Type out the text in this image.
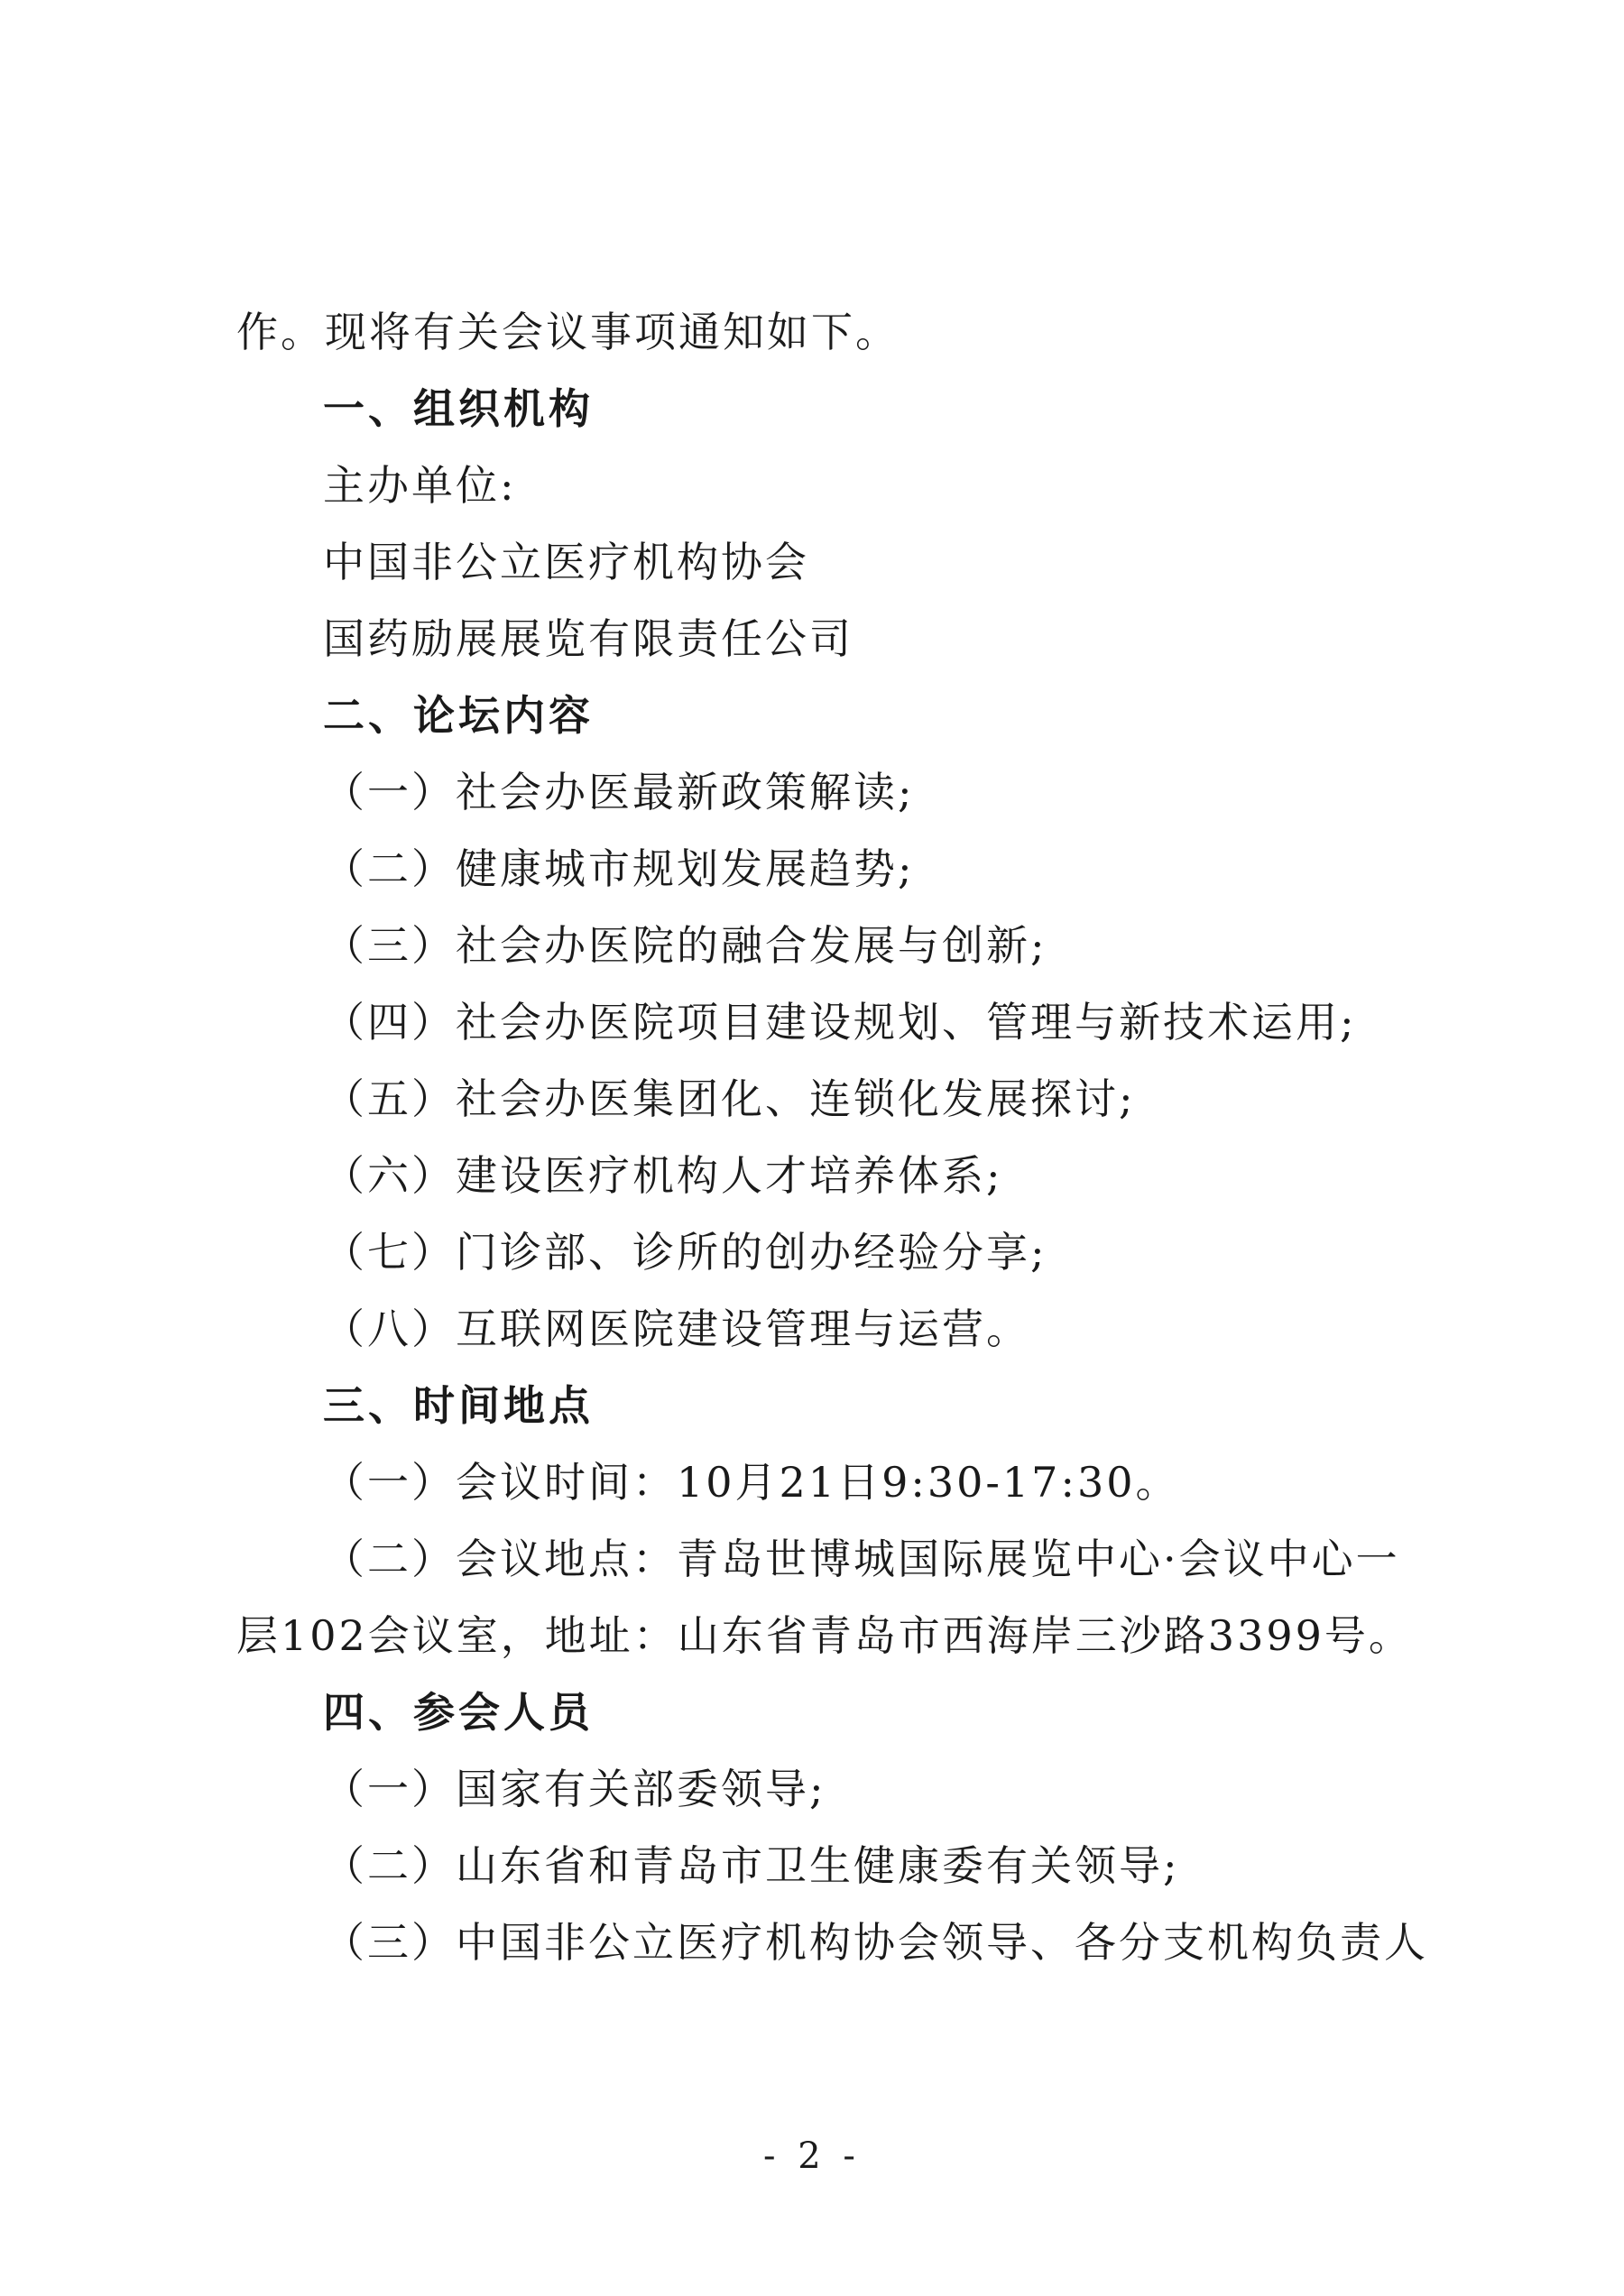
作。现将有关会议事项通知如下。
一、组织机构
主办单位:
中国非公立医疗机构协会
国药励展展览有限责任公司
二、论坛内容
（一）社会办医最新政策解读;
（二）健康城市规划发展趋势;
（三）社会办医院的融合发展与创新;
（四）社会办医院项目建设规划、管理与新技术运用;
（五）社会办医集团化、连锁化发展探讨;
（六）建设医疗机构人才培养体系;
（七）门诊部、诊所的创办经验分享;
（八）互联网医院建设管理与运营。
三、时间地点
（一）会议时间：10月21日9:30-17:30。
（二）会议地点：青岛世博城国际展览中心·会议中心一
层102会议室，地址：山东省青岛市西海岸三沙路3399号。
四、参会人员
（一）国家有关部委领导;
（二）山东省和青岛市卫生健康委有关领导;
（三）中国非公立医疗机构协会领导、各分支机构负责人
- 2 -
